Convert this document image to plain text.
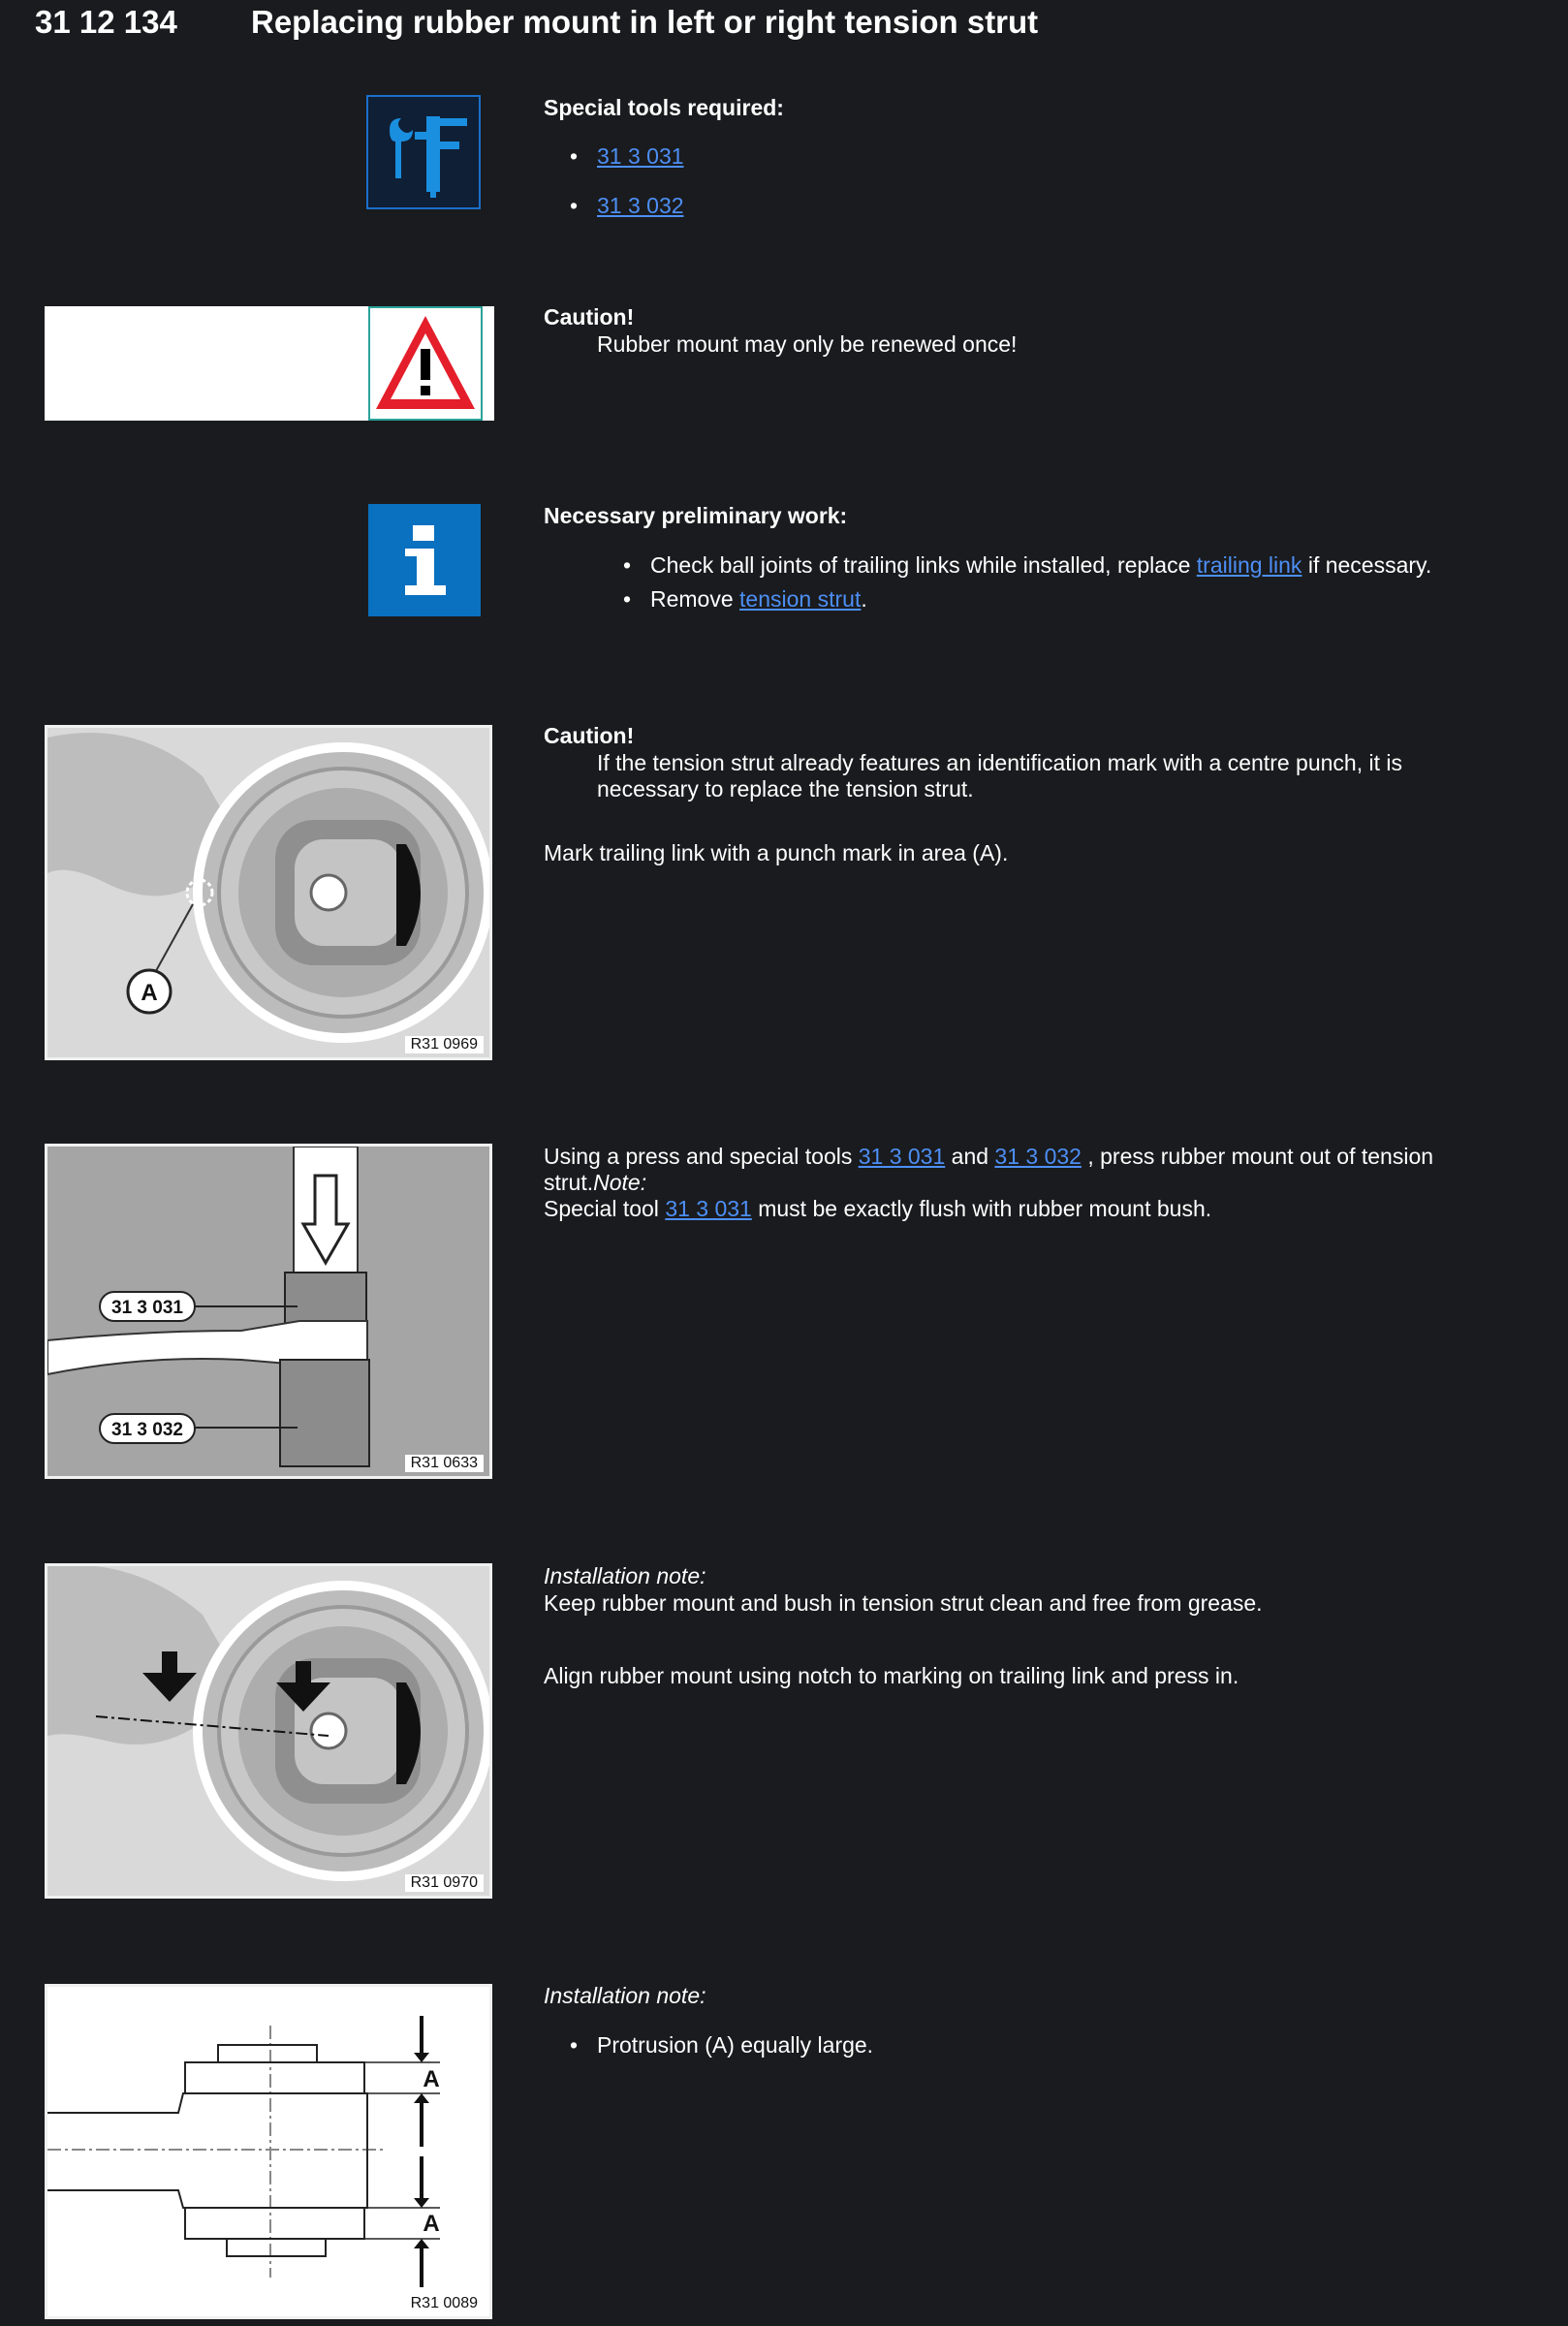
31 12 134 Replacing rubber mount in left or right tension strut
Special tools required:
• 31 3 031
• 31 3 032
Caution!
Rubber mount may only be renewed once!
Necessary preliminary work:
• Check ball joints of trailing links while installed, replace trailing link if necessary.
• Remove tension strut.
A
R31 0969
Caution!
If the tension strut already features an identification mark with a centre punch, it is necessary to replace the tension strut.
Mark trailing link with a punch mark in area (A).
31 3 031
31 3 032
R31 0633
Using a press and special tools 31 3 031 and 31 3 032 , press rubber mount out of tension strut.Note:
Special tool 31 3 031 must be exactly flush with rubber mount bush.
R31 0970
Installation note:
Keep rubber mount and bush in tension strut clean and free from grease.
Align rubber mount using notch to marking on trailing link and press in.
A
A
R31 0089
Installation note:
• Protrusion (A) equally large.
